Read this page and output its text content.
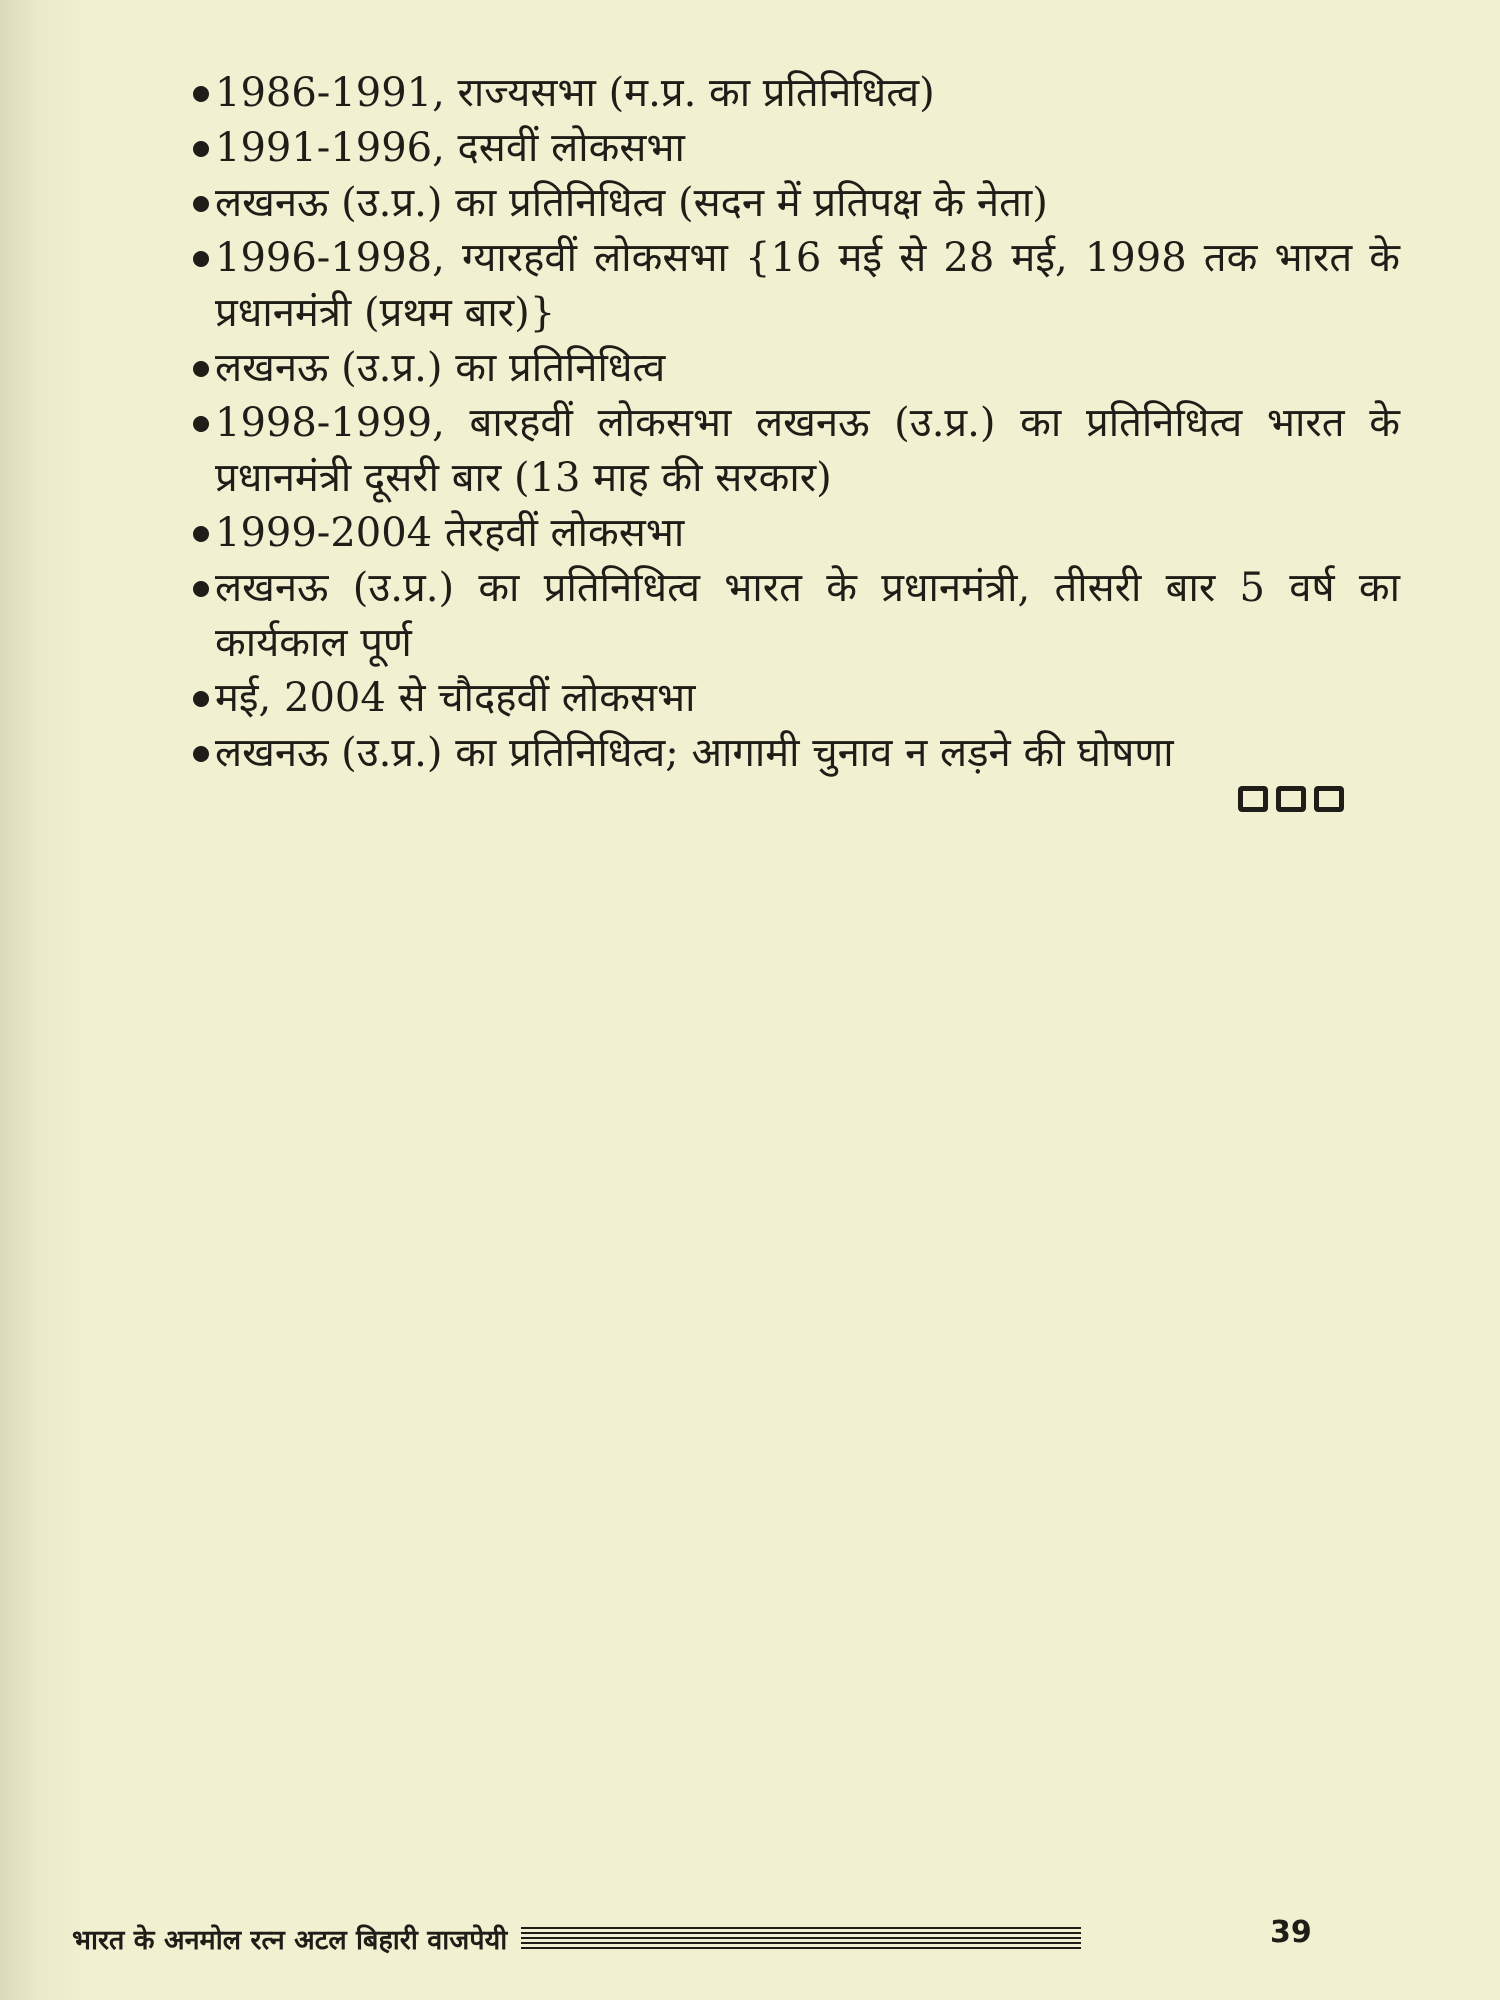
1986-1991, राज्यसभा (म.प्र. का प्रतिनिधित्व)
1991-1996, दसवीं लोकसभा
लखनऊ (उ.प्र.) का प्रतिनिधित्व (सदन में प्रतिपक्ष के नेता)
1996-1998, ग्यारहवीं लोकसभा {16 मई से 28 मई, 1998 तक भारत के प्रधानमंत्री (प्रथम बार)}
लखनऊ (उ.प्र.) का प्रतिनिधित्व
1998-1999, बारहवीं लोकसभा लखनऊ (उ.प्र.) का प्रतिनिधित्व भारत के प्रधानमंत्री दूसरी बार (13 माह की सरकार)
1999-2004 तेरहवीं लोकसभा
लखनऊ (उ.प्र.) का प्रतिनिधित्व भारत के प्रधानमंत्री, तीसरी बार 5 वर्ष का कार्यकाल पूर्ण
मई, 2004 से चौदहवीं लोकसभा
लखनऊ (उ.प्र.) का प्रतिनिधित्व; आगामी चुनाव न लड़ने की घोषणा
भारत के अनमोल रत्न अटल बिहारी वाजपेयी	39
